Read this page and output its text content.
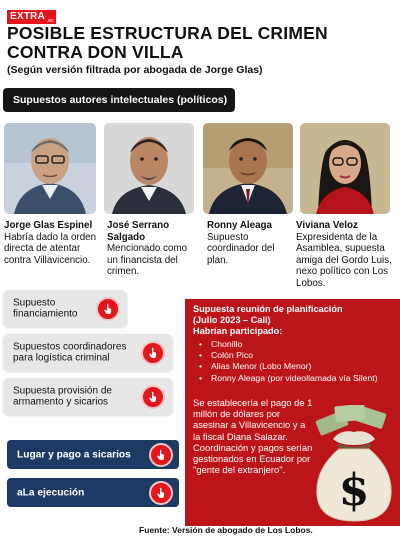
EXTRA .ec
POSIBLE ESTRUCTURA DEL CRIMEN CONTRA DON VILLA
(Según versión filtrada por abogada de Jorge Glas)
Supuestos autores intelectuales (políticos)
Jorge Glas Espinel
Habría dado la orden directa de atentar contra Villavicencio.
José Serrano Salgado
Mencionado como un financista del crimen.
Ronny Aleaga
Supuesto coordinador del plan.
Viviana Veloz
Expresidenta de la Asamblea, supuesta amiga del Gordo Luis, nexo político con Los Lobos.
Supuesto financiamiento
Supuestos coordinadores para logística criminal
Supuesta provisión de armamento y sicarios
Supuesta reunión de planificación
(Julio 2023 – Cali)
Habrían participado:
• Chonillo
• Colón Pico
• Alias Menor (Lobo Menor)
• Ronny Aleaga (por videollamada vía Silent)
Se establecería el pago de 1 millón de dólares por asesinar a Villavicencio y a la fiscal Diana Salazar. Coordinación y pagos serían gestionados en Ecuador por "gente del extranjero".	$
Lugar y pago a sicarios
aLa ejecución
Fuente: Versión de abogado de Los Lobos.
